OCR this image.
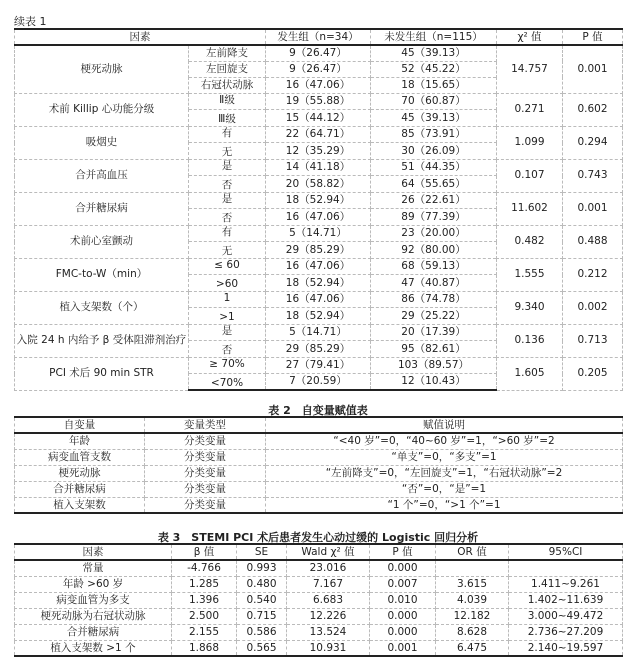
续表 1
因素		发生组（n=34）	未发生组（n=115）	χ² 值	P 值
梗死动脉	左前降支	9（26.47）	45（39.13）	14.757	0.001
	左回旋支	9（26.47）	52（45.22）		
	右冠状动脉	16（47.06）	18（15.65）		
术前 Killip 心功能分级	Ⅱ级	19（55.88）	70（60.87）	0.271	0.602
	Ⅲ级	15（44.12）	45（39.13）		
吸烟史	有	22（64.71）	85（73.91）	1.099	0.294
	无	12（35.29）	30（26.09）		
合并高血压	是	14（41.18）	51（44.35）	0.107	0.743
	否	20（58.82）	64（55.65）		
合并糖尿病	是	18（52.94）	26（22.61）	11.602	0.001
	否	16（47.06）	89（77.39）		
术前心室颤动	有	5（14.71）	23（20.00）	0.482	0.488
	无	29（85.29）	92（80.00）		
FMC-to-W（min）	≤ 60	16（47.06）	68（59.13）	1.555	0.212
	>60	18（52.94）	47（40.87）		
植入支架数（个）	1	16（47.06）	86（74.78）	9.340	0.002
	>1	18（52.94）	29（25.22）		
入院 24 h 内给予 β 受体阻滞剂治疗	是	5（14.71）	20（17.39）	0.136	0.713
	否	29（85.29）	95（82.61）		
PCI 术后 90 min STR	≥ 70%	27（79.41）	103（89.57）	1.605	0.205
	<70%	7（20.59）	12（10.43）		
表 2　自变量赋值表
自变量	变量类型	赋值说明
年龄	分类变量	“<40 岁”=0，“40~60 岁”=1，“>60 岁”=2
病变血管支数	分类变量	“单支”=0，“多支”=1
梗死动脉	分类变量	“左前降支”=0，“左回旋支”=1，“右冠状动脉”=2
合并糖尿病	分类变量	“否”=0，“是”=1
植入支架数	分类变量	“1 个”=0，“>1 个”=1
表 3　STEMI PCI 术后患者发生心动过缓的 Logistic 回归分析
因素	β 值	SE	Wald χ² 值	P 值	OR 值	95%CI
常量	-4.766	0.993	23.016	0.000		
年龄 >60 岁	1.285	0.480	7.167	0.007	3.615	1.411~9.261
病变血管为多支	1.396	0.540	6.683	0.010	4.039	1.402~11.639
梗死动脉为右冠状动脉	2.500	0.715	12.226	0.000	12.182	3.000~49.472
合并糖尿病	2.155	0.586	13.524	0.000	8.628	2.736~27.209
植入支架数 >1 个	1.868	0.565	10.931	0.001	6.475	2.140~19.597
